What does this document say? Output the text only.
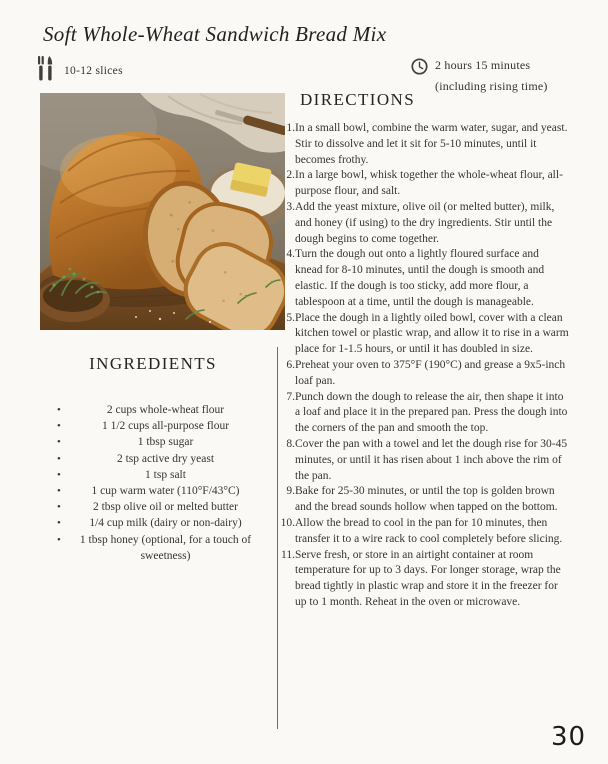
Soft Whole-Wheat Sandwich Bread Mix
10-12 slices	2 hours 15 minutes
(including rising time)
INGREDIENTS
•	2 cups whole-wheat flour
•	1 1/2 cups all-purpose flour
•	1 tbsp sugar
•	2 tsp active dry yeast
•	1 tsp salt
•	1 cup warm water (110°F/43°C)
•	2 tbsp olive oil or melted butter
•	1/4 cup milk (dairy or non-dairy)
•	1 tbsp honey (optional, for a touch of sweetness)
DIRECTIONS
1.In a small bowl, combine the warm water, sugar, and yeast. Stir to dissolve and let it sit for 5-10 minutes, until it becomes frothy.
2.In a large bowl, whisk together the whole-wheat flour, all-purpose flour, and salt.
3.Add the yeast mixture, olive oil (or melted butter), milk, and honey (if using) to the dry ingredients. Stir until the dough begins to come together.
4.Turn the dough out onto a lightly floured surface and knead for 8-10 minutes, until the dough is smooth and elastic. If the dough is too sticky, add more flour, a tablespoon at a time, until the dough is manageable.
5.Place the dough in a lightly oiled bowl, cover with a clean kitchen towel or plastic wrap, and allow it to rise in a warm place for 1-1.5 hours, or until it has doubled in size.
6.Preheat your oven to 375°F (190°C) and grease a 9x5-inch loaf pan.
7.Punch down the dough to release the air, then shape it into a loaf and place it in the prepared pan. Press the dough into the corners of the pan and smooth the top.
8.Cover the pan with a towel and let the dough rise for 30-45 minutes, or until it has risen about 1 inch above the rim of the pan.
9.Bake for 25-30 minutes, or until the top is golden brown and the bread sounds hollow when tapped on the bottom.
10.Allow the bread to cool in the pan for 10 minutes, then transfer it to a wire rack to cool completely before slicing.
11.Serve fresh, or store in an airtight container at room temperature for up to 3 days. For longer storage, wrap the bread tightly in plastic wrap and store it in the freezer for up to 1 month. Reheat in the oven or microwave.
30
